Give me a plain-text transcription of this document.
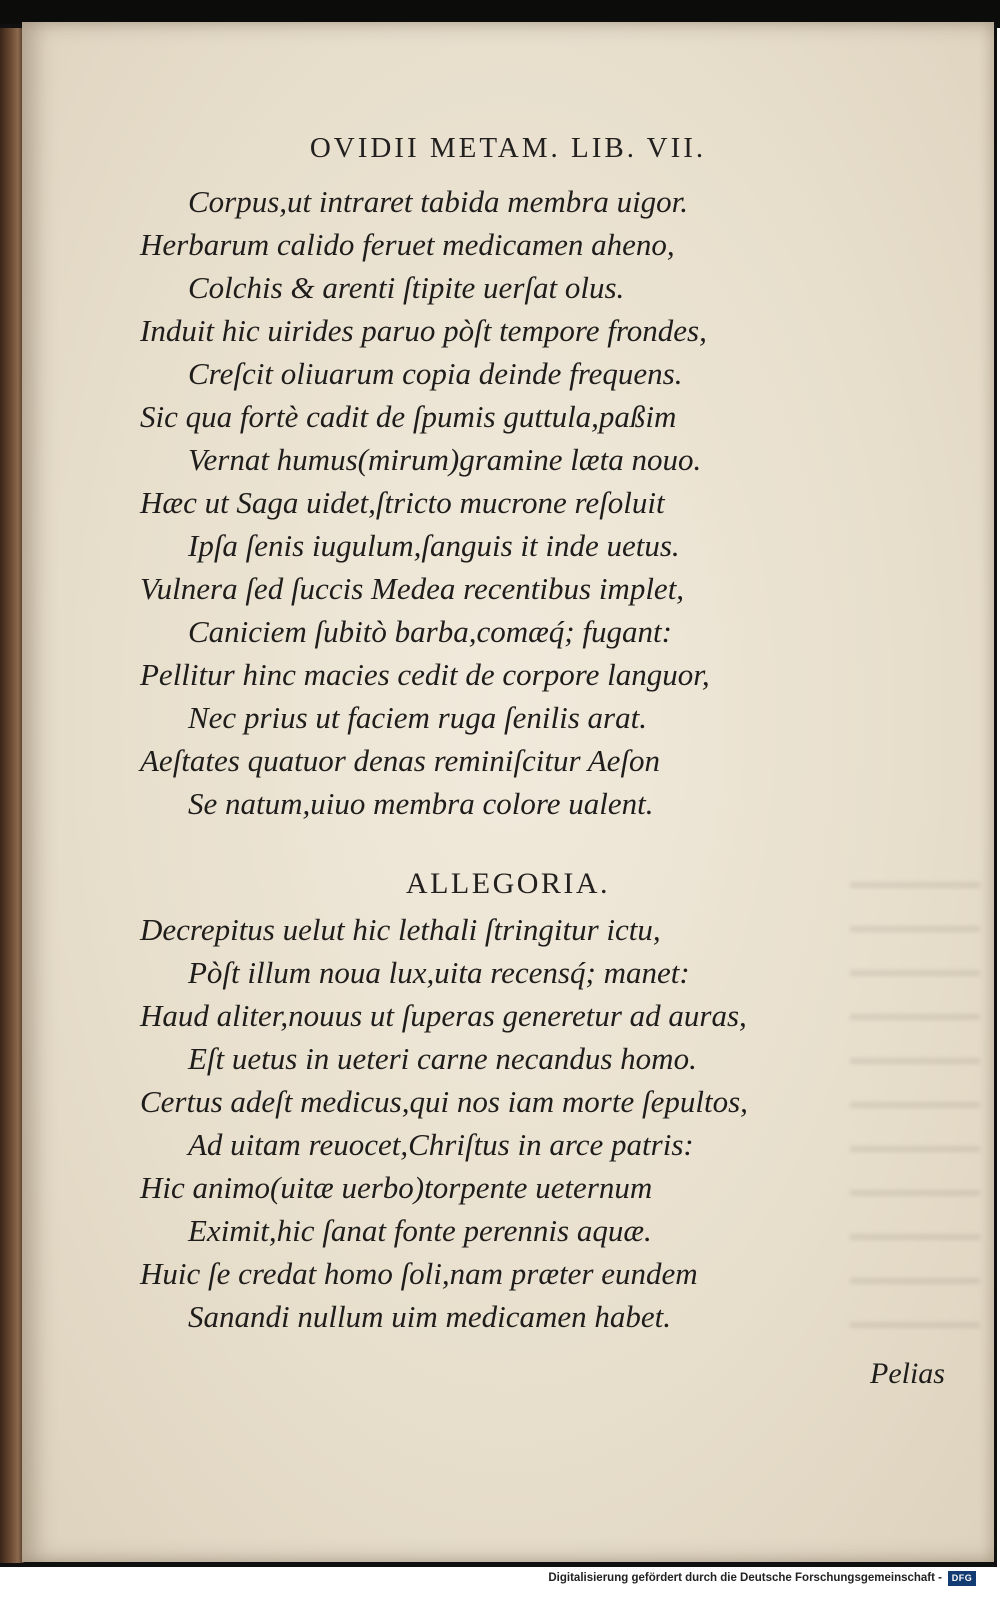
OVIDII METAM. LIB. VII.
Corpus,ut intraret tabida membra uigor.
Herbarum calido feruet medicamen aheno,
Colchis & arenti ſtipite uerſat olus.
Induit hic uirides paruo pòſt tempore frondes,
Creſcit oliuarum copia deinde frequens.
Sic qua fortè cadit de ſpumis guttula,paßim
Vernat humus(mirum)gramine læta nouo.
Hæc ut Saga uidet,ſtricto mucrone reſoluit
Ipſa ſenis iugulum,ſanguis it inde uetus.
Vulnera ſed ſuccis Medea recentibus implet,
Caniciem ſubitò barba,comæq́; fugant:
Pellitur hinc macies cedit de corpore languor,
Nec prius ut faciem ruga ſenilis arat.
Aeſtates quatuor denas reminiſcitur Aeſon
Se natum,uiuo membra colore ualent.
Decrepitus uelut hic lethali ſtringitur ictu,
Pòſt illum noua lux,uita recensq́; manet:
Haud aliter,nouus ut ſuperas generetur ad auras,
Eſt uetus in ueteri carne necandus homo.
Certus adeſt medicus,qui nos iam morte ſepultos,
Ad uitam reuocet,Chriſtus in arce patris:
Hic animo(uitæ uerbo)torpente ueternum
Eximit,hic ſanat fonte perennis aquæ.
Huic ſe credat homo ſoli,nam præter eundem
Sanandi nullum uim medicamen habet.
ALLEGORIA.
Pelias
Digitalisierung gefördert durch die Deutsche Forschungsgemeinschaft -	DFG
